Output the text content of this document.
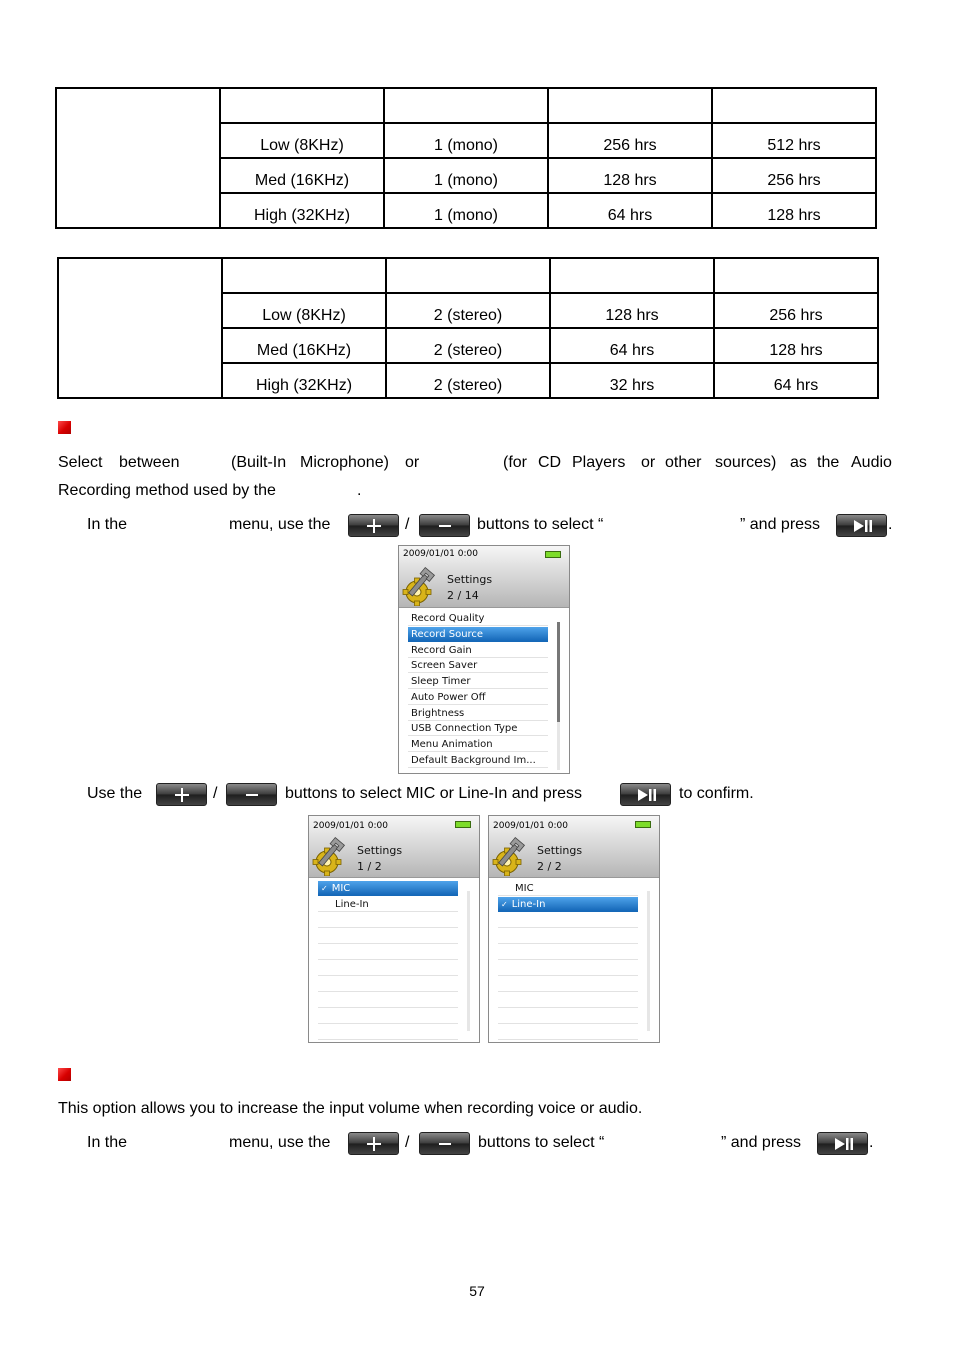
	Low (8KHz)	1 (mono)	256 hrs	512 hrs
	Med (16KHz)	1 (mono)	128 hrs	256 hrs
	High (32KHz)	1 (mono)	64 hrs	128 hrs

	Low (8KHz)	2 (stereo)	128 hrs	256 hrs
	Med (16KHz)	2 (stereo)	64 hrs	128 hrs
	High (32KHz)	2 (stereo)	32 hrs	64 hrs
Select between	(Built-In Microphone) or	(for CD Players or other sources) as the Audio
Recording method used by the	.
In the	menu, use the	/	buttons to select “	” and press	.
2009/01/01 0:00
Settings
2 / 14
Record Quality
Record Source
Record Gain
Screen Saver
Sleep Timer
Auto Power Off
Brightness
USB Connection Type
Menu Animation
Default Background Im...
Use the	/	buttons to select MIC or Line-In and press	to confirm.
2009/01/01 0:00
Settings
1 / 2
✓ MIC
Line-In
2009/01/01 0:00
Settings
2 / 2
MIC
✓ Line-In
This option allows you to increase the input volume when recording voice or audio.
In the	menu, use the	/	buttons to select “	” and press	.
57
